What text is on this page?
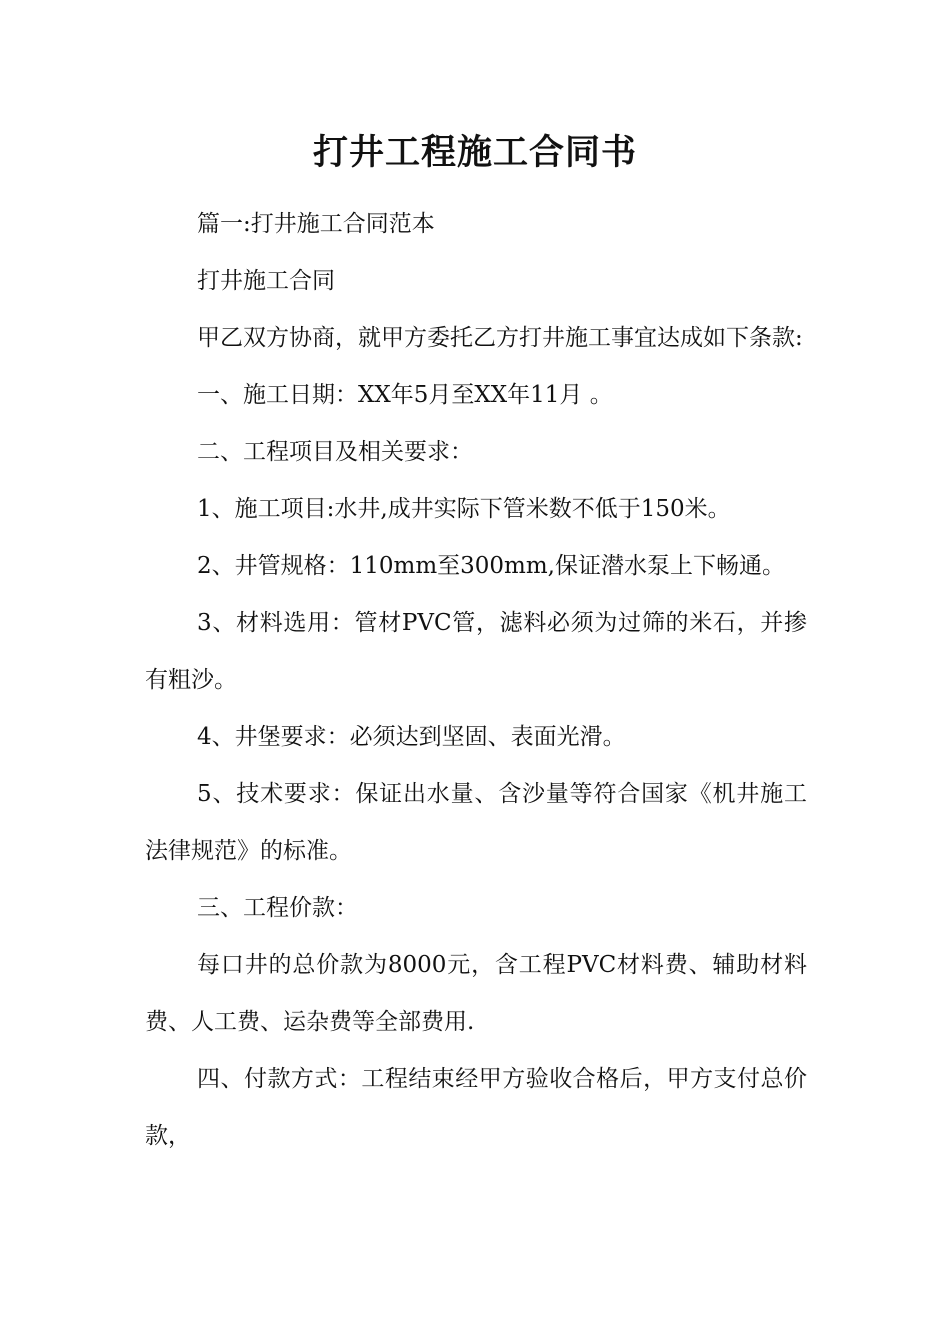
打井工程施工合同书

篇一:打井施工合同范本

打井施工合同

甲乙双方协商，就甲方委托乙方打井施工事宜达成如下条款:

一、施工日期：XX年5月至XX年11月 。

二、工程项目及相关要求：

1、施工项目:水井,成井实际下管米数不低于150米。

2、井管规格：110mm至300mm,保证潜水泵上下畅通。

3、材料选用：管材PVC管，滤料必须为过筛的米石，并掺有粗沙。

4、井堡要求：必须达到坚固、表面光滑。

5、技术要求：保证出水量、含沙量等符合国家《机井施工法律规范》的标准。

三、工程价款：

每口井的总价款为8000元，含工程PVC材料费、辅助材料费、人工费、运杂费等全部费用.

四、付款方式：工程结束经甲方验收合格后，甲方支付总价款，
